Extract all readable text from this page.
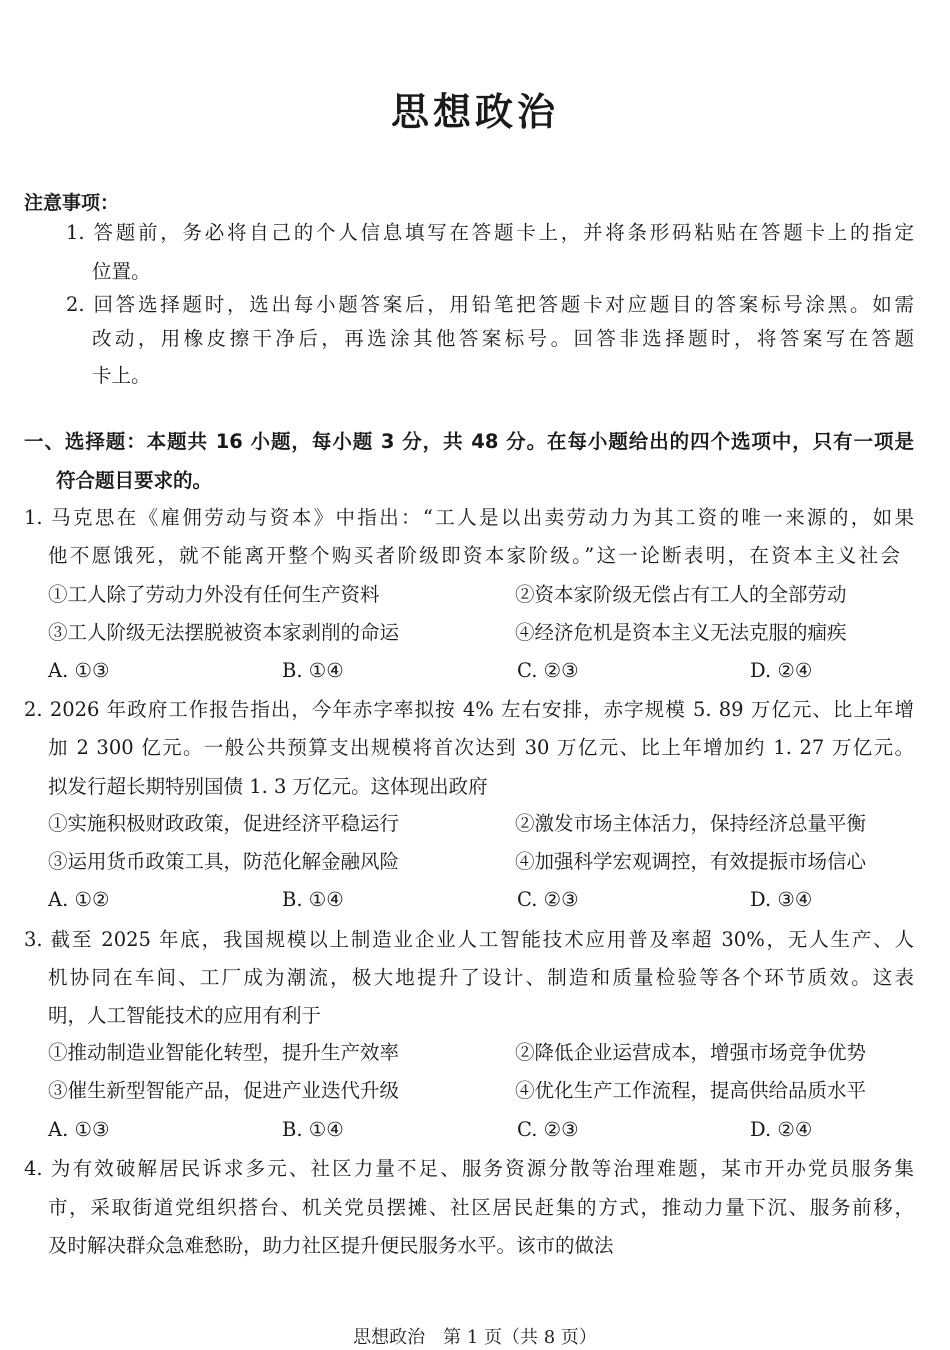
思想政治
注意事项：
1. 答题前，务必将自己的个人信息填写在答题卡上，并将条形码粘贴在答题卡上的指定
位置。
2. 回答选择题时，选出每小题答案后，用铅笔把答题卡对应题目的答案标号涂黑。如需
改动，用橡皮擦干净后，再选涂其他答案标号。回答非选择题时，将答案写在答题
卡上。
一、选择题：本题共 16 小题，每小题 3 分，共 48 分。在每小题给出的四个选项中，只有一项是
符合题目要求的。
1. 马克思在《雇佣劳动与资本》中指出：“工人是以出卖劳动力为其工资的唯一来源的，如果
他不愿饿死，就不能离开整个购买者阶级即资本家阶级。”这一论断表明，在资本主义社会
①工人除了劳动力外没有任何生产资料	②资本家阶级无偿占有工人的全部劳动
③工人阶级无法摆脱被资本家剥削的命运	④经济危机是资本主义无法克服的痼疾
A. ①③	B. ①④	C. ②③	D. ②④
2. 2026 年政府工作报告指出，今年赤字率拟按 4% 左右安排，赤字规模 5. 89 万亿元、比上年增
加 2 300 亿元。一般公共预算支出规模将首次达到 30 万亿元、比上年增加约 1. 27 万亿元。
拟发行超长期特别国债 1. 3 万亿元。这体现出政府
①实施积极财政政策，促进经济平稳运行	②激发市场主体活力，保持经济总量平衡
③运用货币政策工具，防范化解金融风险	④加强科学宏观调控，有效提振市场信心
A. ①②	B. ①④	C. ②③	D. ③④
3. 截至 2025 年底，我国规模以上制造业企业人工智能技术应用普及率超 30%，无人生产、人
机协同在车间、工厂成为潮流，极大地提升了设计、制造和质量检验等各个环节质效。这表
明，人工智能技术的应用有利于
①推动制造业智能化转型，提升生产效率	②降低企业运营成本，增强市场竞争优势
③催生新型智能产品，促进产业迭代升级	④优化生产工作流程，提高供给品质水平
A. ①③	B. ①④	C. ②③	D. ②④
4. 为有效破解居民诉求多元、社区力量不足、服务资源分散等治理难题，某市开办党员服务集
市，采取街道党组织搭台、机关党员摆摊、社区居民赶集的方式，推动力量下沉、服务前移，
及时解决群众急难愁盼，助力社区提升便民服务水平。该市的做法
思想政治　第 1 页（共 8 页）
